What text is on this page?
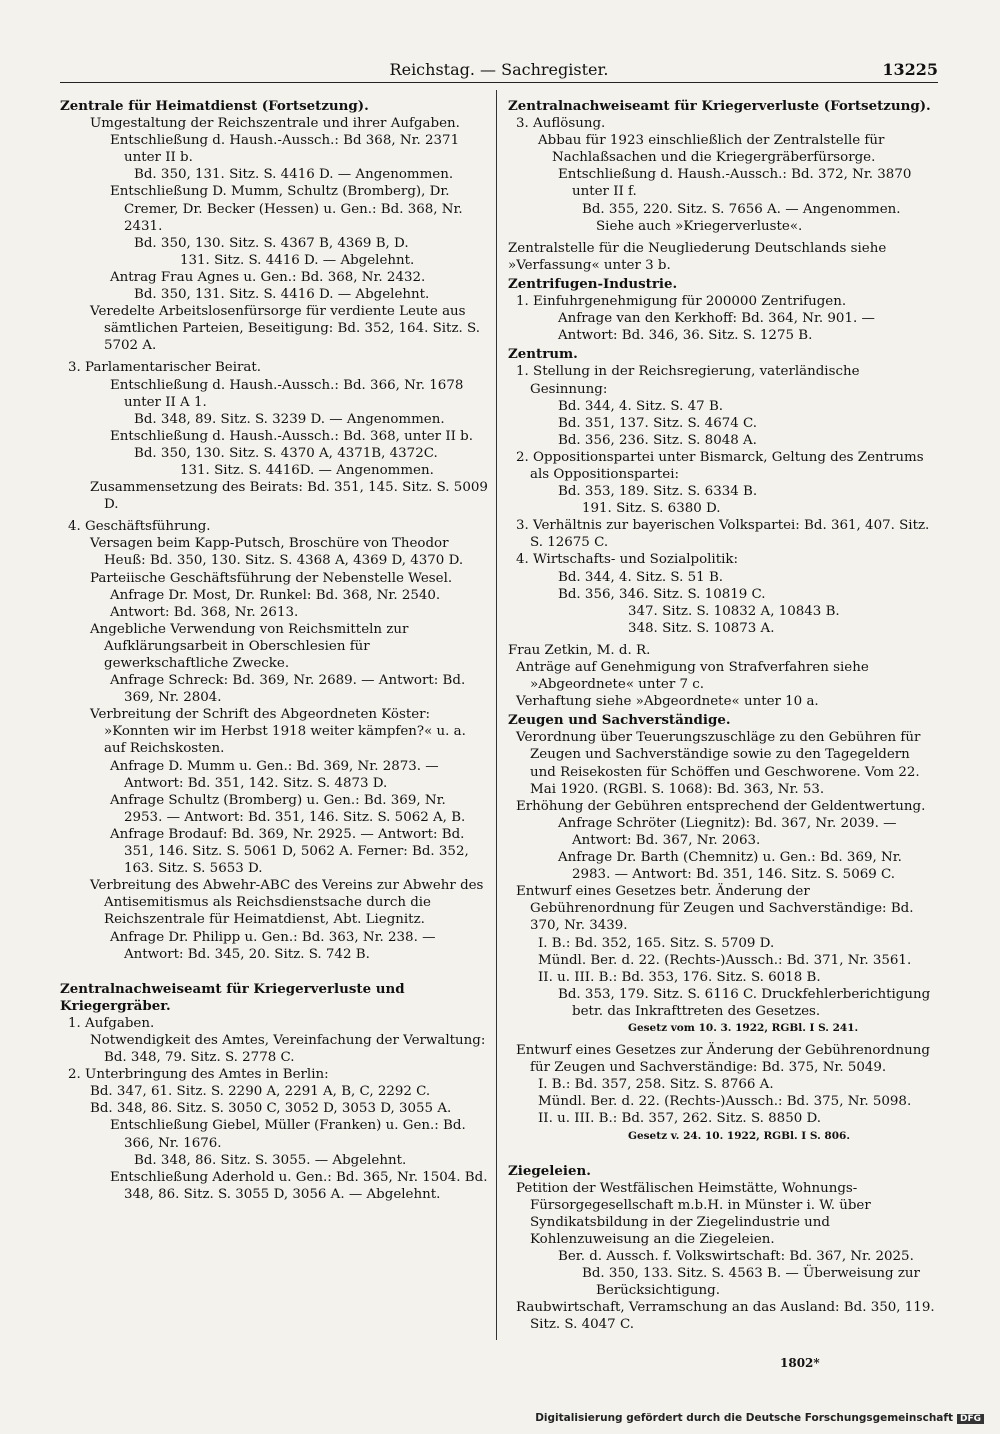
Reichstag. — Sachregister.	13225

Zentrale für Heimatdienst (Fortsetzung).

Umgestaltung der Reichszentrale und ihrer Aufgaben.

Entschließung d. Haush.-Aussch.: Bd 368, Nr. 2371 unter II b.

Bd. 350, 131. Sitz. S. 4416 D. — Angenommen.

Entschließung D. Mumm, Schultz (Bromberg), Dr. Cremer, Dr. Becker (Hessen) u. Gen.: Bd. 368, Nr. 2431.

Bd. 350, 130. Sitz. S. 4367 B, 4369 B, D.

131. Sitz. S. 4416 D. — Abgelehnt.

Antrag Frau Agnes u. Gen.: Bd. 368, Nr. 2432.

Bd. 350, 131. Sitz. S. 4416 D. — Abgelehnt.

Veredelte Arbeitslosenfürsorge für verdiente Leute aus sämtlichen Parteien, Beseitigung: Bd. 352, 164. Sitz. S. 5702 A.

3. Parlamentarischer Beirat.

Entschließung d. Haush.-Aussch.: Bd. 366, Nr. 1678 unter II A 1.

Bd. 348, 89. Sitz. S. 3239 D. — Angenommen.

Entschließung d. Haush.-Aussch.: Bd. 368, unter II b.

Bd. 350, 130. Sitz. S. 4370 A, 4371B, 4372C.

131. Sitz. S. 4416D. — Angenommen.

Zusammensetzung des Beirats: Bd. 351, 145. Sitz. S. 5009 D.

4. Geschäftsführung.

Versagen beim Kapp-Putsch, Broschüre von Theodor Heuß: Bd. 350, 130. Sitz. S. 4368 A, 4369 D, 4370 D.

Parteiische Geschäftsführung der Nebenstelle Wesel.

Anfrage Dr. Most, Dr. Runkel: Bd. 368, Nr. 2540.

Antwort: Bd. 368, Nr. 2613.

Angebliche Verwendung von Reichsmitteln zur Aufklärungsarbeit in Oberschlesien für gewerkschaftliche Zwecke.

Anfrage Schreck: Bd. 369, Nr. 2689. — Antwort: Bd. 369, Nr. 2804.

Verbreitung der Schrift des Abgeordneten Köster: »Konnten wir im Herbst 1918 weiter kämpfen?« u. a. auf Reichskosten.

Anfrage D. Mumm u. Gen.: Bd. 369, Nr. 2873. — Antwort: Bd. 351, 142. Sitz. S. 4873 D.

Anfrage Schultz (Bromberg) u. Gen.: Bd. 369, Nr. 2953. — Antwort: Bd. 351, 146. Sitz. S. 5062 A, B.

Anfrage Brodauf: Bd. 369, Nr. 2925. — Antwort: Bd. 351, 146. Sitz. S. 5061 D, 5062 A. Ferner: Bd. 352, 163. Sitz. S. 5653 D.

Verbreitung des Abwehr-ABC des Vereins zur Abwehr des Antisemitismus als Reichsdienstsache durch die Reichszentrale für Heimatdienst, Abt. Liegnitz.

Anfrage Dr. Philipp u. Gen.: Bd. 363, Nr. 238. — Antwort: Bd. 345, 20. Sitz. S. 742 B.

Zentralnachweiseamt für Kriegerverluste und Kriegergräber.

1. Aufgaben.

Notwendigkeit des Amtes, Vereinfachung der Verwaltung: Bd. 348, 79. Sitz. S. 2778 C.

2. Unterbringung des Amtes in Berlin:

Bd. 347, 61. Sitz. S. 2290 A, 2291 A, B, C, 2292 C.

Bd. 348, 86. Sitz. S. 3050 C, 3052 D, 3053 D, 3055 A.

Entschließung Giebel, Müller (Franken) u. Gen.: Bd. 366, Nr. 1676.

Bd. 348, 86. Sitz. S. 3055. — Abgelehnt.

Entschließung Aderhold u. Gen.: Bd. 365, Nr. 1504. Bd. 348, 86. Sitz. S. 3055 D, 3056 A. — Abgelehnt.

Zentralnachweiseamt für Kriegerverluste (Fortsetzung).

3. Auflösung.

Abbau für 1923 einschließlich der Zentralstelle für Nachlaßsachen und die Kriegergräberfürsorge.

Entschließung d. Haush.-Aussch.: Bd. 372, Nr. 3870 unter II f.

Bd. 355, 220. Sitz. S. 7656 A. — Angenommen. Siehe auch »Kriegerverluste«.

Zentralstelle für die Neugliederung Deutschlands siehe »Verfassung« unter 3 b.

Zentrifugen-Industrie.

1. Einfuhrgenehmigung für 200000 Zentrifugen.

Anfrage van den Kerkhoff: Bd. 364, Nr. 901. —

Antwort: Bd. 346, 36. Sitz. S. 1275 B.

Zentrum.

1. Stellung in der Reichsregierung, vaterländische Gesinnung:

Bd. 344, 4. Sitz. S. 47 B.

Bd. 351, 137. Sitz. S. 4674 C.

Bd. 356, 236. Sitz. S. 8048 A.

2. Oppositionspartei unter Bismarck, Geltung des Zentrums als Oppositionspartei:

Bd. 353, 189. Sitz. S. 6334 B.

191. Sitz. S. 6380 D.

3. Verhältnis zur bayerischen Volkspartei: Bd. 361, 407. Sitz. S. 12675 C.

4. Wirtschafts- und Sozialpolitik:

Bd. 344, 4. Sitz. S. 51 B.

Bd. 356, 346. Sitz. S. 10819 C.

347. Sitz. S. 10832 A, 10843 B.

348. Sitz. S. 10873 A.

Frau Zetkin, M. d. R.

Anträge auf Genehmigung von Strafverfahren siehe »Abgeordnete« unter 7 c.

Verhaftung siehe »Abgeordnete« unter 10 a.

Zeugen und Sachverständige.

Verordnung über Teuerungszuschläge zu den Gebühren für Zeugen und Sachverständige sowie zu den Tagegeldern und Reisekosten für Schöffen und Geschworene. Vom 22. Mai 1920. (RGBl. S. 1068): Bd. 363, Nr. 53.

Erhöhung der Gebühren entsprechend der Geldentwertung.

Anfrage Schröter (Liegnitz): Bd. 367, Nr. 2039. — Antwort: Bd. 367, Nr. 2063.

Anfrage Dr. Barth (Chemnitz) u. Gen.: Bd. 369, Nr. 2983. — Antwort: Bd. 351, 146. Sitz. S. 5069 C.

Entwurf eines Gesetzes betr. Änderung der Gebührenordnung für Zeugen und Sachverständige: Bd. 370, Nr. 3439.

I. B.: Bd. 352, 165. Sitz. S. 5709 D.

Mündl. Ber. d. 22. (Rechts-)Aussch.: Bd. 371, Nr. 3561.

II. u. III. B.: Bd. 353, 176. Sitz. S. 6018 B.

Bd. 353, 179. Sitz. S. 6116 C. Druckfehlerberichtigung betr. das Inkrafttreten des Gesetzes.

Gesetz vom 10. 3. 1922, RGBl. I S. 241.

Entwurf eines Gesetzes zur Änderung der Gebührenordnung für Zeugen und Sachverständige: Bd. 375, Nr. 5049.

I. B.: Bd. 357, 258. Sitz. S. 8766 A.

Mündl. Ber. d. 22. (Rechts-)Aussch.: Bd. 375, Nr. 5098.

II. u. III. B.: Bd. 357, 262. Sitz. S. 8850 D.

Gesetz v. 24. 10. 1922, RGBl. I S. 806.

Ziegeleien.

Petition der Westfälischen Heimstätte, Wohnungs-Fürsorgegesellschaft m.b.H. in Münster i. W. über Syndikatsbildung in der Ziegelindustrie und Kohlenzuweisung an die Ziegeleien.

Ber. d. Aussch. f. Volkswirtschaft: Bd. 367, Nr. 2025.

Bd. 350, 133. Sitz. S. 4563 B. — Überweisung zur Berücksichtigung.

Raubwirtschaft, Verramschung an das Ausland: Bd. 350, 119. Sitz. S. 4047 C.

1802*
Digitalisierung gefördert durch die Deutsche Forschungsgemeinschaft DFG
